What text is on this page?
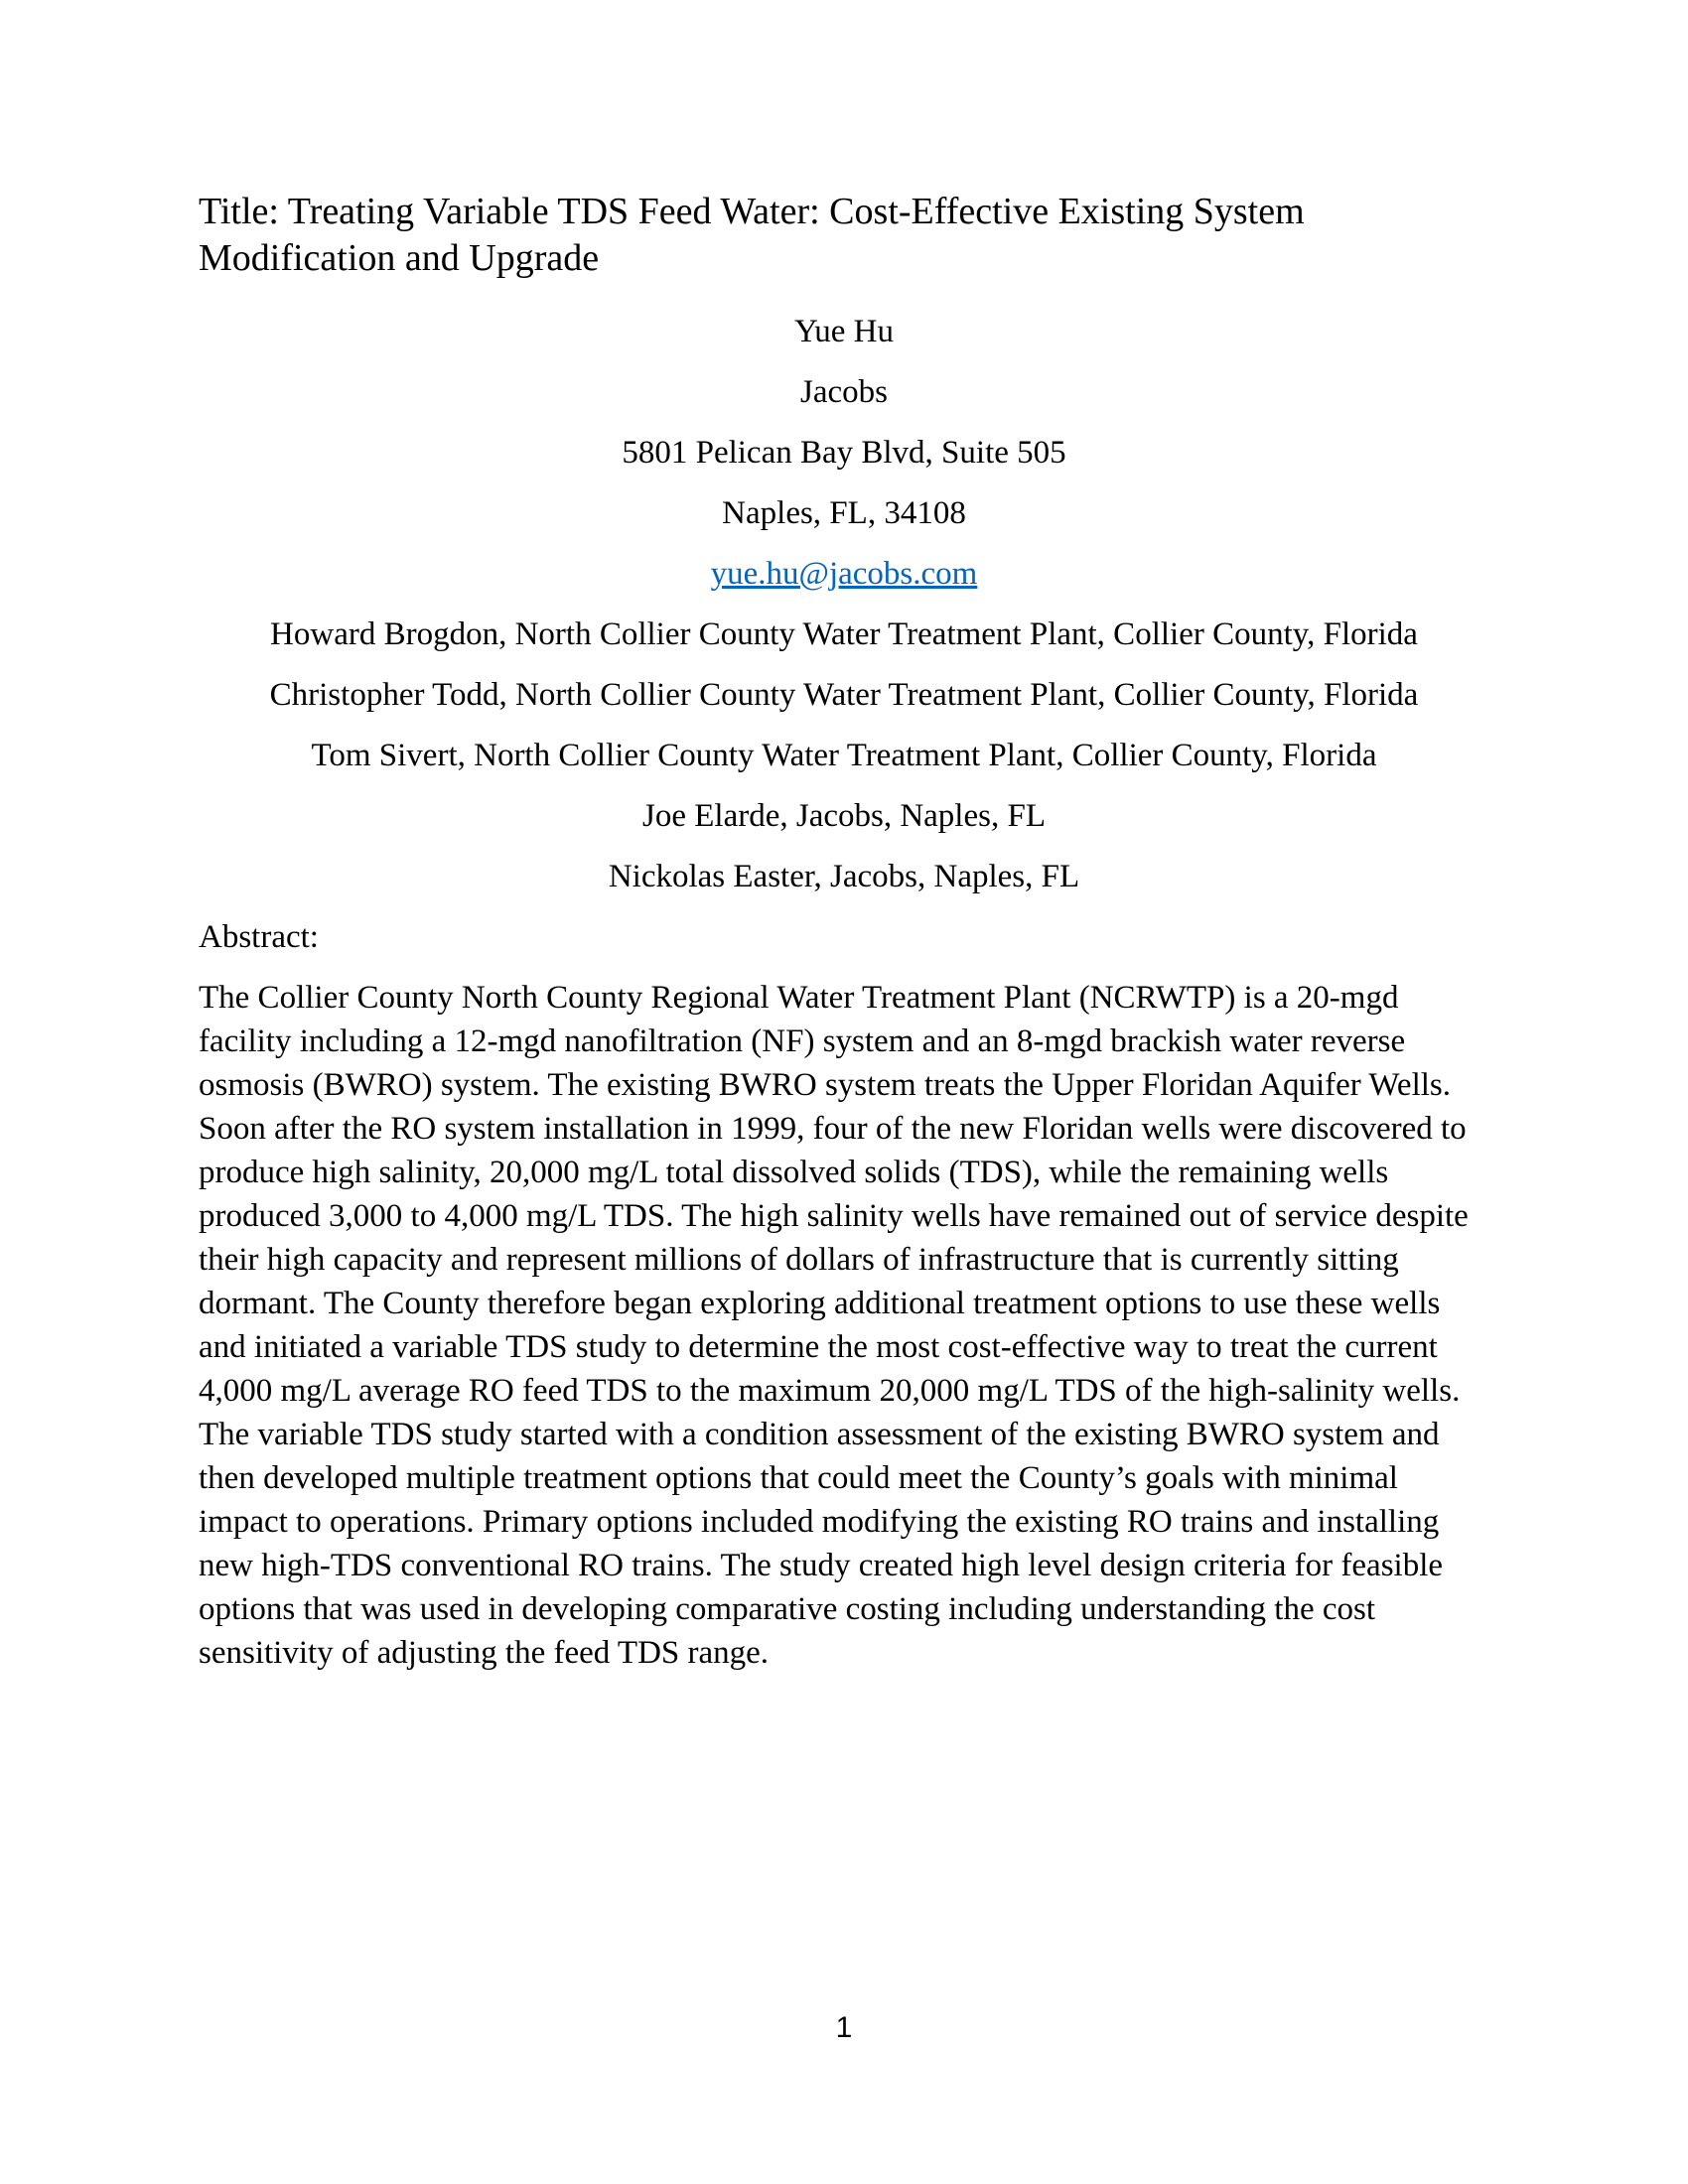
Title: Treating Variable TDS Feed Water: Cost-Effective Existing System Modification and Upgrade

Yue Hu

Jacobs

5801 Pelican Bay Blvd, Suite 505

Naples, FL, 34108

yue.hu@jacobs.com

Howard Brogdon, North Collier County Water Treatment Plant, Collier County, Florida

Christopher Todd, North Collier County Water Treatment Plant, Collier County, Florida

Tom Sivert, North Collier County Water Treatment Plant, Collier County, Florida

Joe Elarde, Jacobs, Naples, FL

Nickolas Easter, Jacobs, Naples, FL

Abstract:

The Collier County North County Regional Water Treatment Plant (NCRWTP) is a 20-mgd facility including a 12-mgd nanofiltration (NF) system and an 8-mgd brackish water reverse osmosis (BWRO) system. The existing BWRO system treats the Upper Floridan Aquifer Wells. Soon after the RO system installation in 1999, four of the new Floridan wells were discovered to produce high salinity, 20,000 mg/L total dissolved solids (TDS), while the remaining wells produced 3,000 to 4,000 mg/L TDS. The high salinity wells have remained out of service despite their high capacity and represent millions of dollars of infrastructure that is currently sitting dormant. The County therefore began exploring additional treatment options to use these wells and initiated a variable TDS study to determine the most cost-effective way to treat the current 4,000 mg/L average RO feed TDS to the maximum 20,000 mg/L TDS of the high-salinity wells. The variable TDS study started with a condition assessment of the existing BWRO system and then developed multiple treatment options that could meet the County’s goals with minimal impact to operations. Primary options included modifying the existing RO trains and installing new high-TDS conventional RO trains. The study created high level design criteria for feasible options that was used in developing comparative costing including understanding the cost sensitivity of adjusting the feed TDS range.

1
